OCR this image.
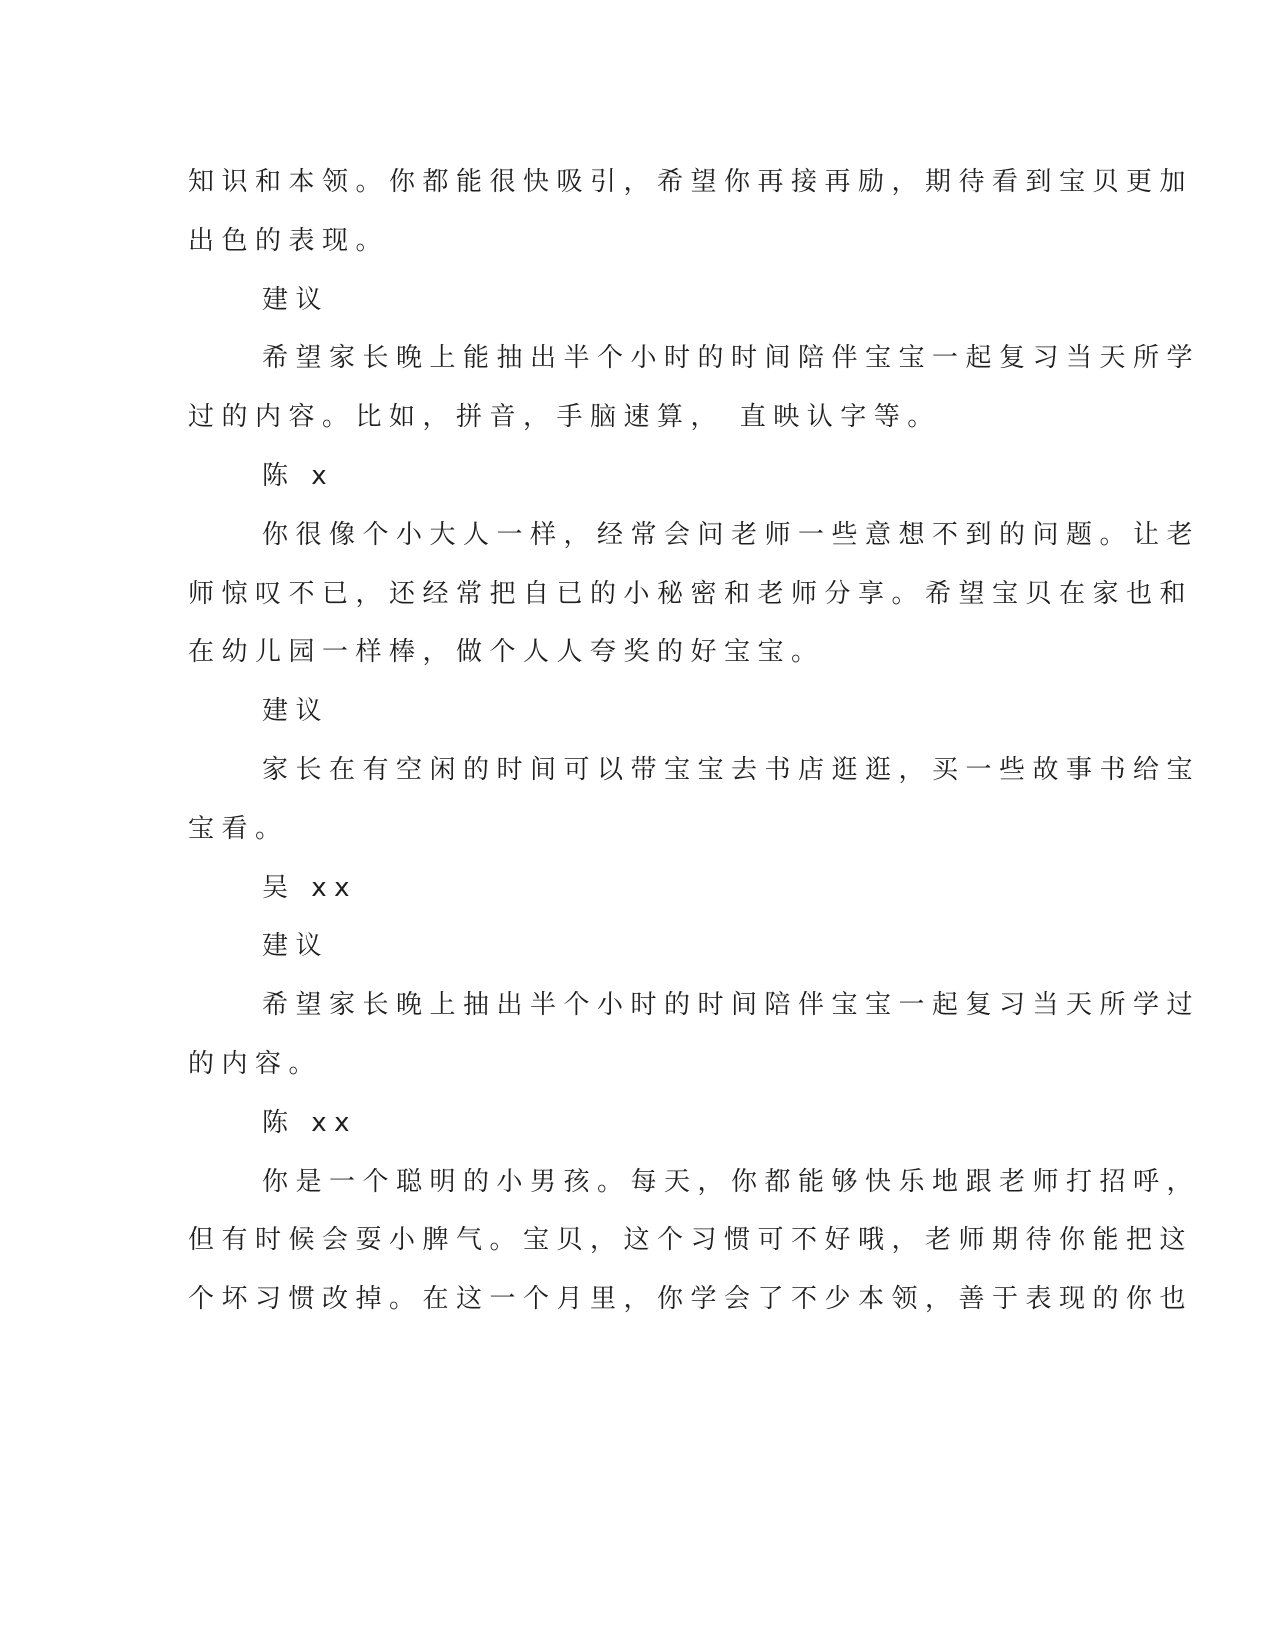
知识和本领。你都能很快吸引，希望你再接再励，期待看到宝贝更加
出色的表现。
建议
希望家长晚上能抽出半个小时的时间陪伴宝宝一起复习当天所学
过的内容。比如，拼音，手脑速算， 直映认字等。
陈 x
你很像个小大人一样，经常会问老师一些意想不到的问题。让老
师惊叹不已，还经常把自已的小秘密和老师分享。希望宝贝在家也和
在幼儿园一样棒，做个人人夸奖的好宝宝。
建议
家长在有空闲的时间可以带宝宝去书店逛逛，买一些故事书给宝
宝看。
吴 xx
建议
希望家长晚上抽出半个小时的时间陪伴宝宝一起复习当天所学过
的内容。
陈 xx
你是一个聪明的小男孩。每天，你都能够快乐地跟老师打招呼，
但有时候会耍小脾气。宝贝，这个习惯可不好哦，老师期待你能把这
个坏习惯改掉。在这一个月里，你学会了不少本领，善于表现的你也
